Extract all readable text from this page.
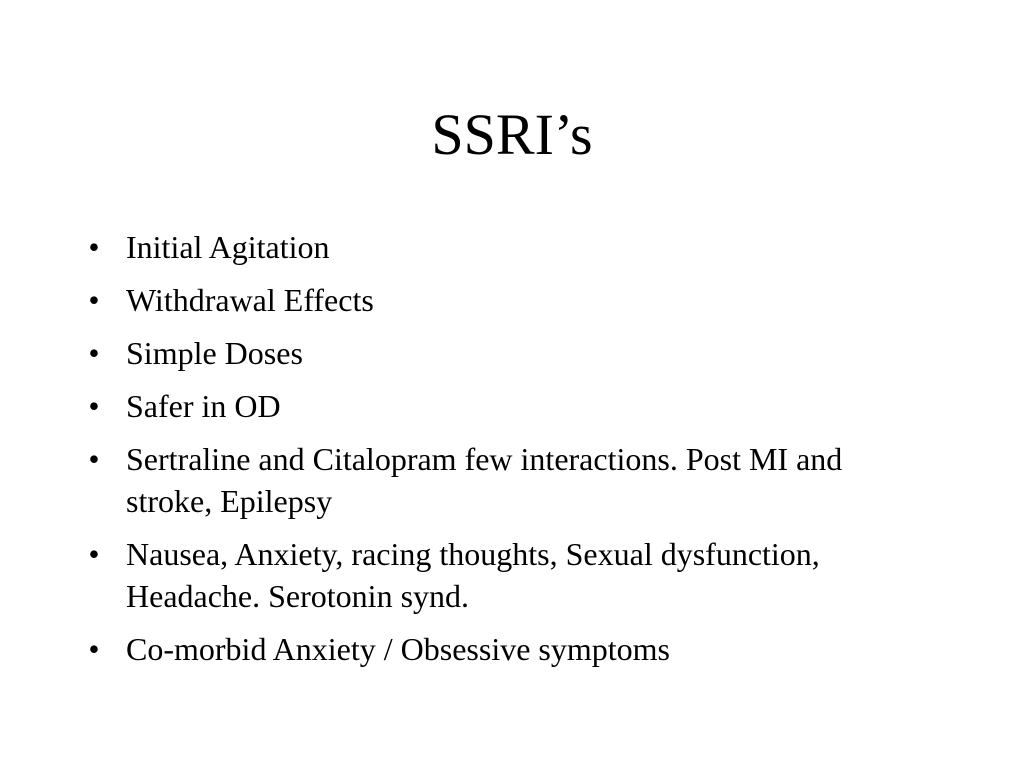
SSRI’s
• Initial Agitation
• Withdrawal Effects
• Simple Doses
• Safer in OD
• Sertraline and Citalopram few interactions. Post MI and stroke, Epilepsy
• Nausea, Anxiety, racing thoughts, Sexual dysfunction, Headache. Serotonin synd.
• Co-morbid Anxiety / Obsessive symptoms
